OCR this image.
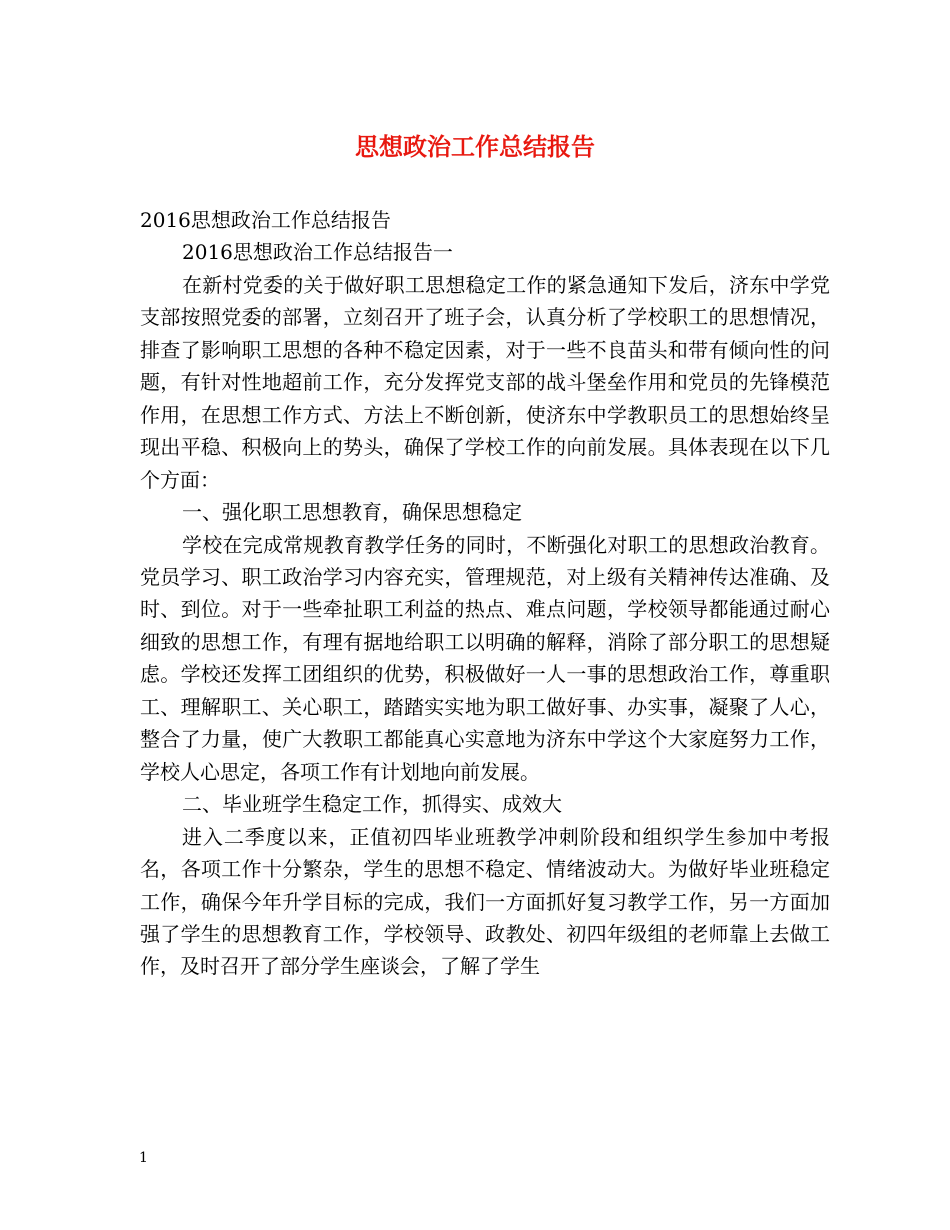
思想政治工作总结报告

2016思想政治工作总结报告

2016思想政治工作总结报告一

在新村党委的关于做好职工思想稳定工作的紧急通知下发后，济东中学党支部按照党委的部署，立刻召开了班子会，认真分析了学校职工的思想情况，排查了影响职工思想的各种不稳定因素，对于一些不良苗头和带有倾向性的问题，有针对性地超前工作，充分发挥党支部的战斗堡垒作用和党员的先锋模范作用，在思想工作方式、方法上不断创新，使济东中学教职员工的思想始终呈现出平稳、积极向上的势头，确保了学校工作的向前发展。具体表现在以下几个方面：

一、强化职工思想教育，确保思想稳定

学校在完成常规教育教学任务的同时，不断强化对职工的思想政治教育。党员学习、职工政治学习内容充实，管理规范，对上级有关精神传达准确、及时、到位。对于一些牵扯职工利益的热点、难点问题，学校领导都能通过耐心细致的思想工作，有理有据地给职工以明确的解释，消除了部分职工的思想疑虑。学校还发挥工团组织的优势，积极做好一人一事的思想政治工作，尊重职工、理解职工、关心职工，踏踏实实地为职工做好事、办实事，凝聚了人心，整合了力量，使广大教职工都能真心实意地为济东中学这个大家庭努力工作，学校人心思定，各项工作有计划地向前发展。

二、毕业班学生稳定工作，抓得实、成效大

进入二季度以来，正值初四毕业班教学冲刺阶段和组织学生参加中考报名，各项工作十分繁杂，学生的思想不稳定、情绪波动大。为做好毕业班稳定工作，确保今年升学目标的完成，我们一方面抓好复习教学工作，另一方面加强了学生的思想教育工作，学校领导、政教处、初四年级组的老师靠上去做工作，及时召开了部分学生座谈会，了解了学生

1
